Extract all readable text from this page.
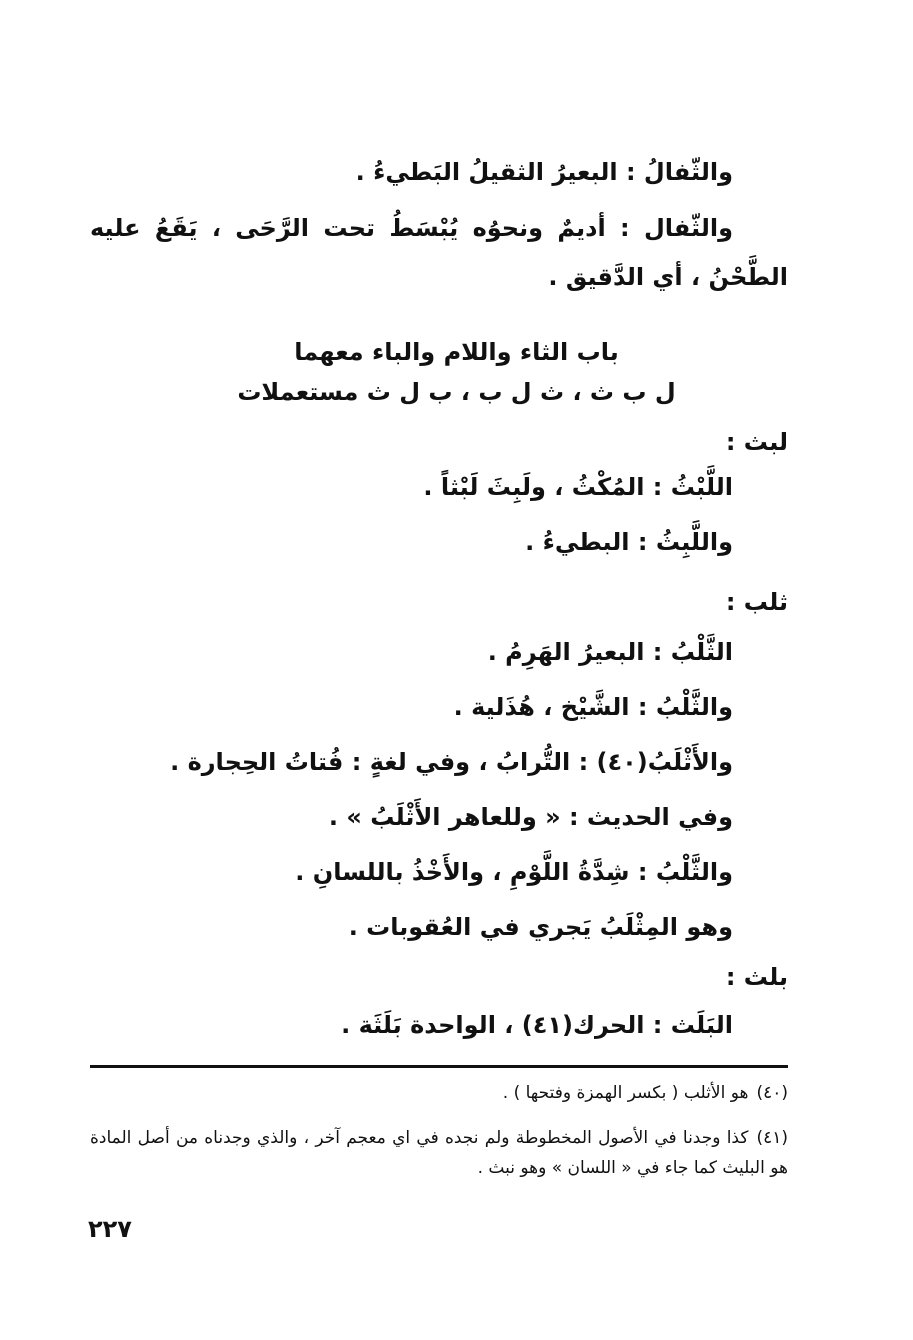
والثّفالُ : البعيرُ الثقيلُ البَطيءُ .
والثّفال : أديمٌ ونحوُه يُبْسَطُ تحت الرَّحَى ، يَقَعُ عليه
الطَّحْنُ ، أي الدَّقيق .
باب الثاء واللام والباء معهما
ل ب ث ، ث ل ب ، ب ل ث مستعملات
لبث :
اللَّبْثُ : المُكْثُ ، ولَبِثَ لَبْثاً .
واللَّبِثُ : البطيءُ .
ثلب :
الثَّلْبُ : البعيرُ الهَرِمُ .
والثَّلْبُ : الشَّيْخ ، هُذَلية .
والأَثْلَبُ(٤٠) : التُّرابُ ، وفي لغةٍ : فُتاتُ الحِجارة .
وفي الحديث : « وللعاهر الأَثْلَبُ » .
والثَّلْبُ : شِدَّةُ اللَّوْمِ ، والأَخْذُ باللسانِ .
وهو المِثْلَبُ يَجري في العُقوبات .
بلث :
البَلَث : الحرك(٤١) ، الواحدة بَلَثَة .
(٤٠)هو الأثلب ( بكسر الهمزة وفتحها ) .
(٤١)كذا وجدنا في الأصول المخطوطة ولم نجده في اي معجم آخر ، والذي وجدناه من أصل المادة هو البليث كما جاء في « اللسان » وهو نبث .
٢٢٧
